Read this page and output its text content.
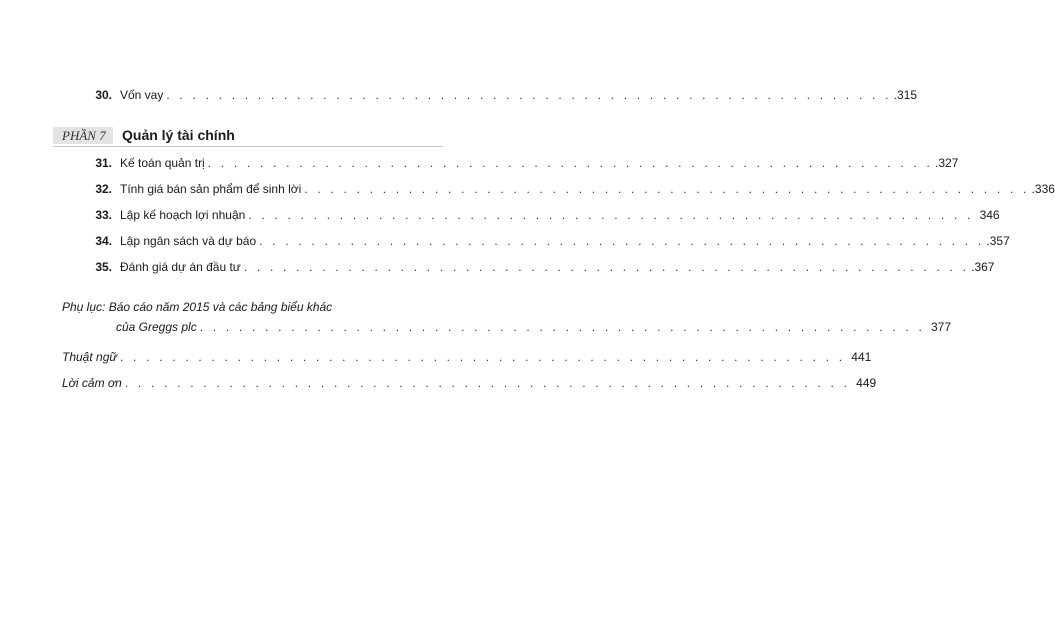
30. Vốn vay . . . . . . . . . . . . . . . . . . . . . . . . . . . . . . . . . . . . . . . . . . . . . . . . . . . . . . . . .315
PHẦN 7 Quản lý tài chính
31. Kế toán quản trị . . . . . . . . . . . . . . . . . . . . . . . . . . . . . . . . . . . . . . . . . . . . . . . . . . . . . . . . .327
32. Tính giá bán sản phẩm để sinh lời . . . . . . . . . . . . . . . . . . . . . . . . . . . . . . . . . . . . . . . . . . . . . . . . . . . . . . . . .336
33. Lập kế hoạch lợi nhuận . . . . . . . . . . . . . . . . . . . . . . . . . . . . . . . . . . . . . . . . . . . . . . . . . . . . . . . . 346
34. Lập ngân sách và dự báo . . . . . . . . . . . . . . . . . . . . . . . . . . . . . . . . . . . . . . . . . . . . . . . . . . . . . . . . .357
35. Đánh giá dự án đầu tư . . . . . . . . . . . . . . . . . . . . . . . . . . . . . . . . . . . . . . . . . . . . . . . . . . . . . . . . .367
Phụ lục: Báo cáo năm 2015 và các bảng biểu khác
của Greggs plc . . . . . . . . . . . . . . . . . . . . . . . . . . . . . . . . . . . . . . . . . . . . . . . . . . . . . . . . 377
Thuật ngữ . . . . . . . . . . . . . . . . . . . . . . . . . . . . . . . . . . . . . . . . . . . . . . . . . . . . . . . . 441
Lời cảm ơn . . . . . . . . . . . . . . . . . . . . . . . . . . . . . . . . . . . . . . . . . . . . . . . . . . . . . . . . 449
